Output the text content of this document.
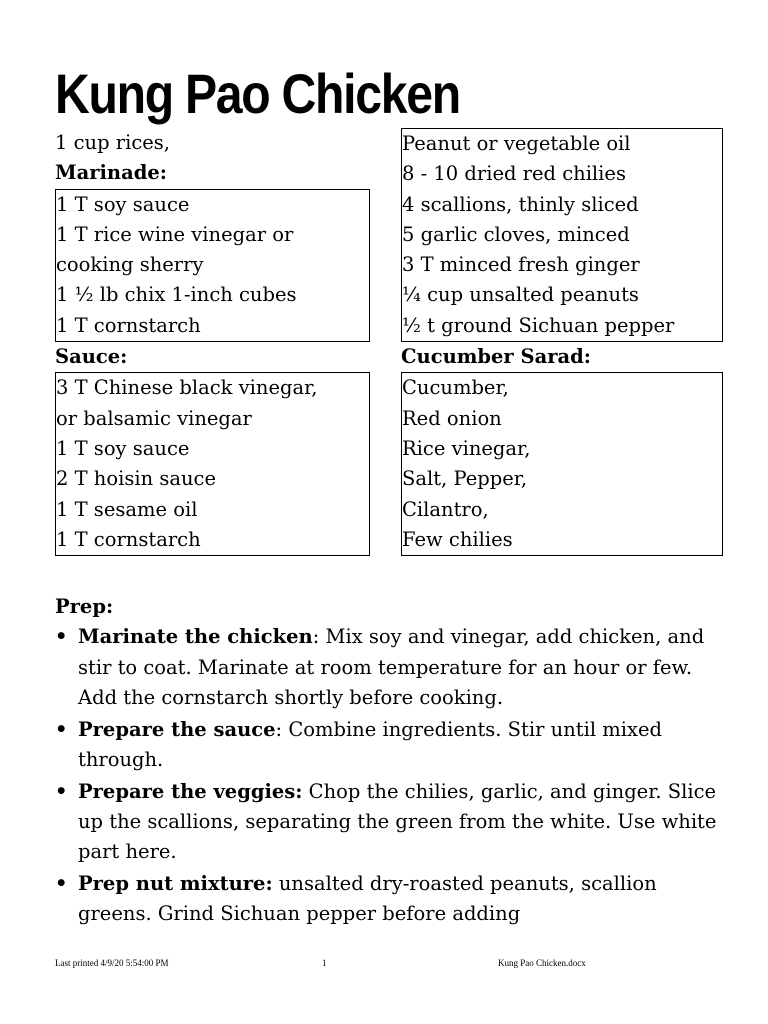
Kung Pao Chicken
1 cup rices,
Marinade:
1 T soy sauce
1 T rice wine vinegar or
cooking sherry
1 ½ lb chix 1-inch cubes
1 T cornstarch
Sauce:
3 T Chinese black vinegar,
or balsamic vinegar
1 T soy sauce
2 T hoisin sauce
1 T sesame oil
1 T cornstarch
Peanut or vegetable oil
8 - 10 dried red chilies
4 scallions, thinly sliced
5 garlic cloves, minced
3 T minced fresh ginger
¼ cup unsalted peanuts
½ t ground Sichuan pepper
Cucumber Sarad:
Cucumber,
Red onion
Rice vinegar,
Salt, Pepper,
Cilantro,
Few chilies
Prep:
• Marinate the chicken: Mix soy and vinegar, add chicken, and stir to coat. Marinate at room temperature for an hour or few. Add the cornstarch shortly before cooking.
• Prepare the sauce: Combine ingredients. Stir until mixed through.
• Prepare the veggies: Chop the chilies, garlic, and ginger. Slice up the scallions, separating the green from the white. Use white part here.
• Prep nut mixture: unsalted dry-roasted peanuts, scallion greens. Grind Sichuan pepper before adding
Last printed 4/9/20 5:54:00 PM	1	Kung Pao Chicken.docx
